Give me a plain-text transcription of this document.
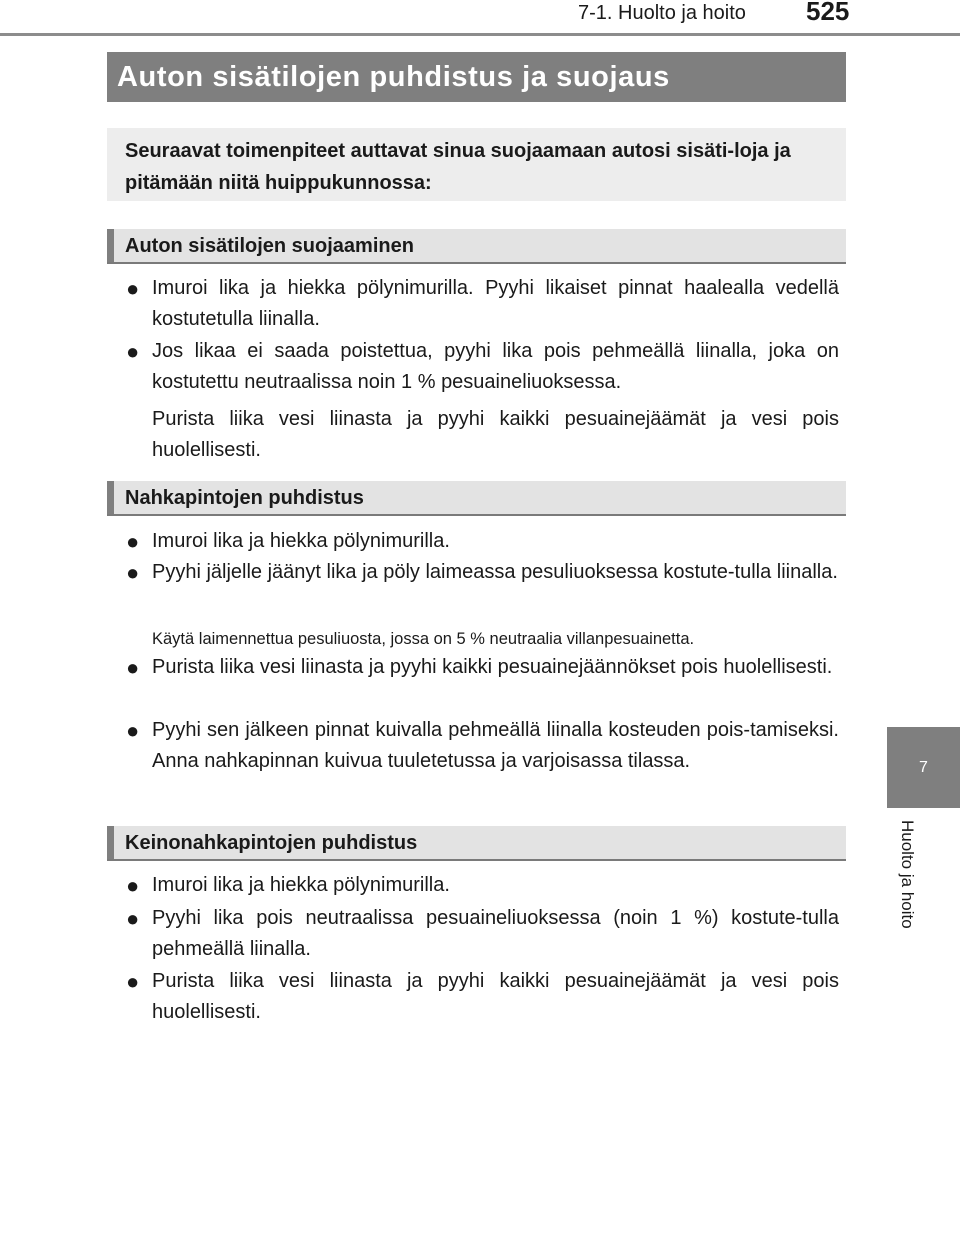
7-1. Huolto ja hoito 525
Auton sisätilojen puhdistus ja suojaus
Seuraavat toimenpiteet auttavat sinua suojaamaan autosi sisäti-loja ja pitämään niitä huippukunnossa:
Auton sisätilojen suojaaminen
● Imuroi lika ja hiekka pölynimurilla. Pyyhi likaiset pinnat haalealla vedellä kostutetulla liinalla.
● Jos likaa ei saada poistettua, pyyhi lika pois pehmeällä liinalla, joka on kostutettu neutraalissa noin 1 % pesuaineliuoksessa.
Purista liika vesi liinasta ja pyyhi kaikki pesuainejäämät ja vesi pois huolellisesti.
Nahkapintojen puhdistus
● Imuroi lika ja hiekka pölynimurilla.
● Pyyhi jäljelle jäänyt lika ja pöly laimeassa pesuliuoksessa kostute-tulla liinalla.
Käytä laimennettua pesuliuosta, jossa on 5 % neutraalia villanpesuainetta.
● Purista liika vesi liinasta ja pyyhi kaikki pesuainejäännökset pois huolellisesti.
● Pyyhi sen jälkeen pinnat kuivalla pehmeällä liinalla kosteuden pois-tamiseksi. Anna nahkapinnan kuivua tuuletetussa ja varjoisassa tilassa.
Keinonahkapintojen puhdistus
● Imuroi lika ja hiekka pölynimurilla.
● Pyyhi lika pois neutraalissa pesuaineliuoksessa (noin 1 %) kostute-tulla pehmeällä liinalla.
● Purista liika vesi liinasta ja pyyhi kaikki pesuainejäämät ja vesi pois huolellisesti.
7
Huolto ja hoito
